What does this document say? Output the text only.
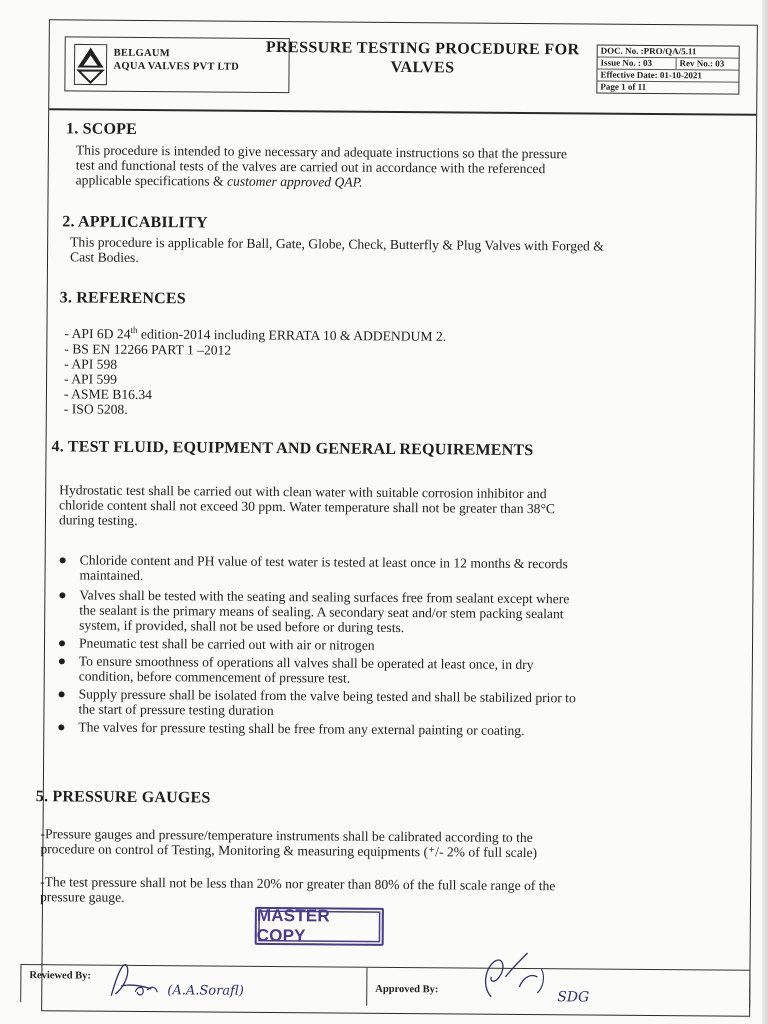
BELGAUM
AQUA VALVES PVT LTD
PRESSURE TESTING PROCEDURE FOR
VALVES
DOC. No. :PRO/QA/5.11
Issue No. : 03	Rev No.: 03
Effective Date: 01-10-2021
Page 1 of 11
1. SCOPE
This procedure is intended to give necessary and adequate instructions so that the pressure
test and functional tests of the valves are carried out in accordance with the referenced
applicable specifications & customer approved QAP.
2. APPLICABILITY
This procedure is applicable for Ball, Gate, Globe, Check, Butterfly & Plug Valves with Forged &
Cast Bodies.
3. REFERENCES
- API 6D 24th edition-2014 including ERRATA 10 & ADDENDUM 2.
- BS EN 12266 PART 1 –2012
- API 598
- API 599
- ASME B16.34
- ISO 5208.
4. TEST FLUID, EQUIPMENT AND GENERAL REQUIREMENTS
Hydrostatic test shall be carried out with clean water with suitable corrosion inhibitor and
chloride content shall not exceed 30 ppm. Water temperature shall not be greater than 38°C
during testing.
Chloride content and PH value of test water is tested at least once in 12 months & records
maintained.
Valves shall be tested with the seating and sealing surfaces free from sealant except where
the sealant is the primary means of sealing. A secondary seat and/or stem packing sealant
system, if provided, shall not be used before or during tests.
Pneumatic test shall be carried out with air or nitrogen
To ensure smoothness of operations all valves shall be operated at least once, in dry
condition, before commencement of pressure test.
Supply pressure shall be isolated from the valve being tested and shall be stabilized prior to
the start of pressure testing duration
The valves for pressure testing shall be free from any external painting or coating.
5. PRESSURE GAUGES
-Pressure gauges and pressure/temperature instruments shall be calibrated according to the
procedure on control of Testing, Monitoring & measuring equipments (⁺/- 2% of full scale)
-The test pressure shall not be less than 20% nor greater than 80% of the full scale range of the
pressure gauge.
MASTER COPY
Reviewed By:
(A.A.Sorafl)	Approved By:	SDG
